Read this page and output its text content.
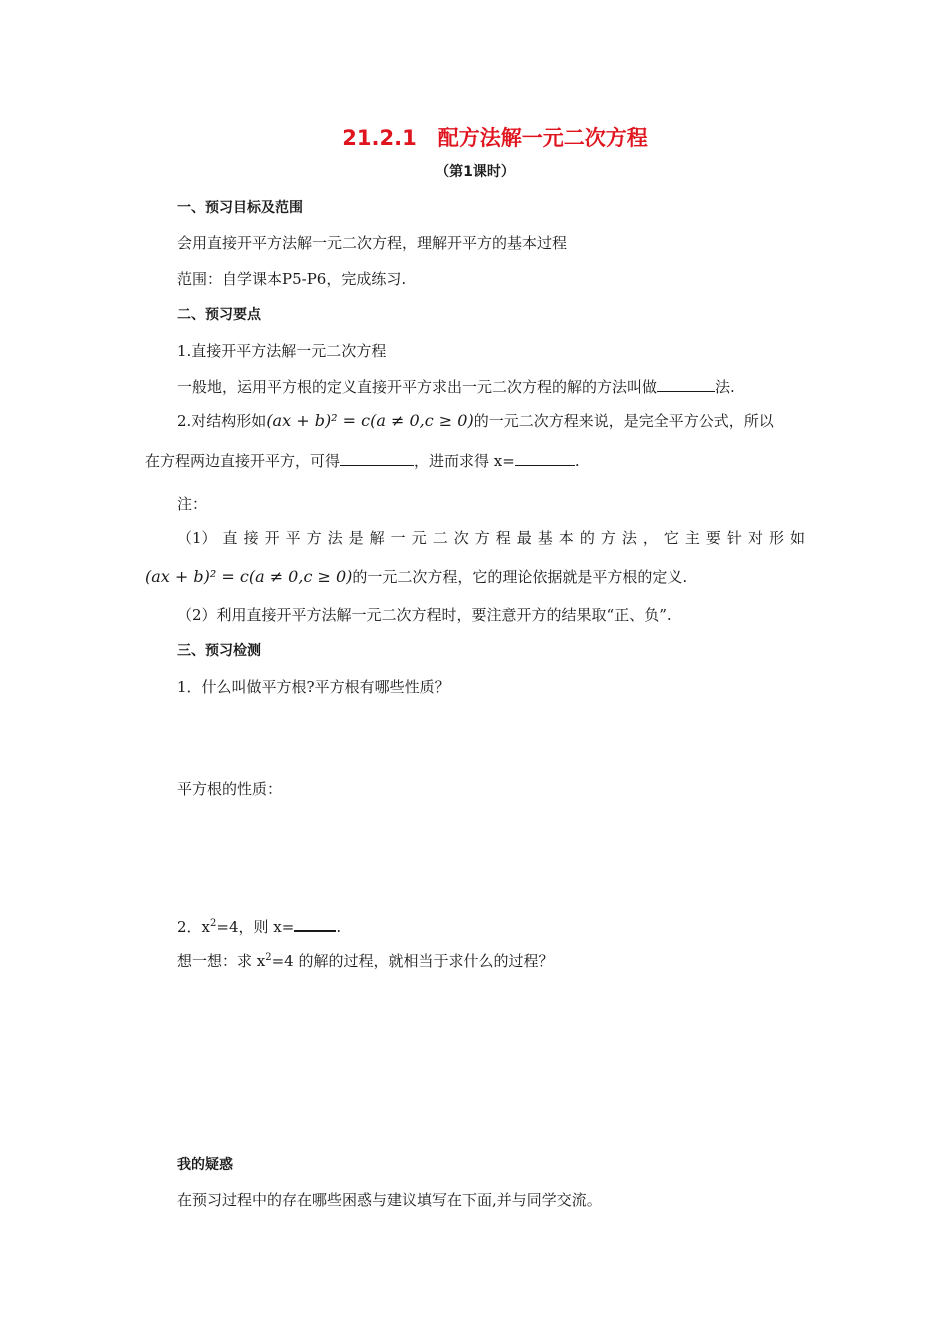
21.2.1　配方法解一元二次方程
（第1课时）
一、预习目标及范围
会用直接开平方法解一元二次方程，理解开平方的基本过程
范围：自学课本P5-P6，完成练习.
二、预习要点
1.直接开平方法解一元二次方程
一般地，运用平方根的定义直接开平方求出一元二次方程的解的方法叫做	法.
2.对结构形如(ax + b)² = c(a ≠ 0,c ≥ 0)的一元二次方程来说，是完全平方公式，所以
在方程两边直接开平方，可得	，进而求得 x=	.
注：
（1） 直 接 开 平 方 法 是 解 一 元 二 次 方 程 最 基 本 的 方 法 ， 它 主 要 针 对 形 如
(ax + b)² = c(a ≠ 0,c ≥ 0)的一元二次方程，它的理论依据就是平方根的定义.
（2）利用直接开平方法解一元二次方程时，要注意开方的结果取“正、负”.
三、预习检测
1．什么叫做平方根?平方根有哪些性质？
平方根的性质：
2．$x^2=4$，则 x=	.
想一想：求 $x^2=4$ 的解的过程，就相当于求什么的过程？
我的疑惑
在预习过程中的存在哪些困惑与建议填写在下面,并与同学交流。
